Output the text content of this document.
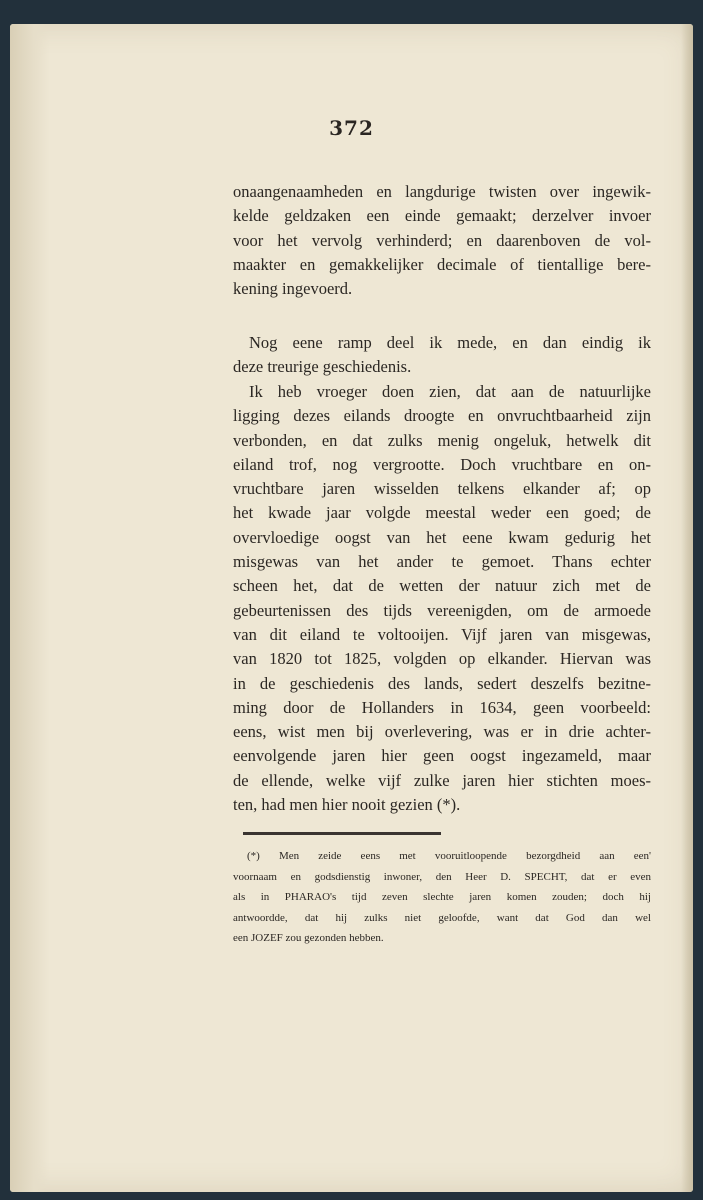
372
onaangenaamheden en langdurige twisten over ingewik-
kelde geldzaken een einde gemaakt; derzelver invoer
voor het vervolg verhinderd; en daarenboven de vol-
maakter en gemakkelijker decimale of tientallige bere-
kening ingevoerd.
Nog eene ramp deel ik mede, en dan eindig ik
deze treurige geschiedenis.
Ik heb vroeger doen zien, dat aan de natuurlijke
ligging dezes eilands droogte en onvruchtbaarheid zijn
verbonden, en dat zulks menig ongeluk, hetwelk dit
eiland trof, nog vergrootte. Doch vruchtbare en on-
vruchtbare jaren wisselden telkens elkander af; op
het kwade jaar volgde meestal weder een goed; de
overvloedige oogst van het eene kwam gedurig het
misgewas van het ander te gemoet. Thans echter
scheen het, dat de wetten der natuur zich met de
gebeurtenissen des tijds vereenigden, om de armoede
van dit eiland te voltooijen. Vijf jaren van misgewas,
van 1820 tot 1825, volgden op elkander. Hiervan was
in de geschiedenis des lands, sedert deszelfs bezitne-
ming door de Hollanders in 1634, geen voorbeeld:
eens, wist men bij overlevering, was er in drie achter-
eenvolgende jaren hier geen oogst ingezameld, maar
de ellende, welke vijf zulke jaren hier stichten moes-
ten, had men hier nooit gezien (*).
(*) Men zeide eens met vooruitloopende bezorgdheid aan een'
voornaam en godsdienstig inwoner, den Heer D. SPECHT, dat er even
als in PHARAO's tijd zeven slechte jaren komen zouden; doch hij
antwoordde, dat hij zulks niet geloofde, want dat God dan wel
een JOZEF zou gezonden hebben.
